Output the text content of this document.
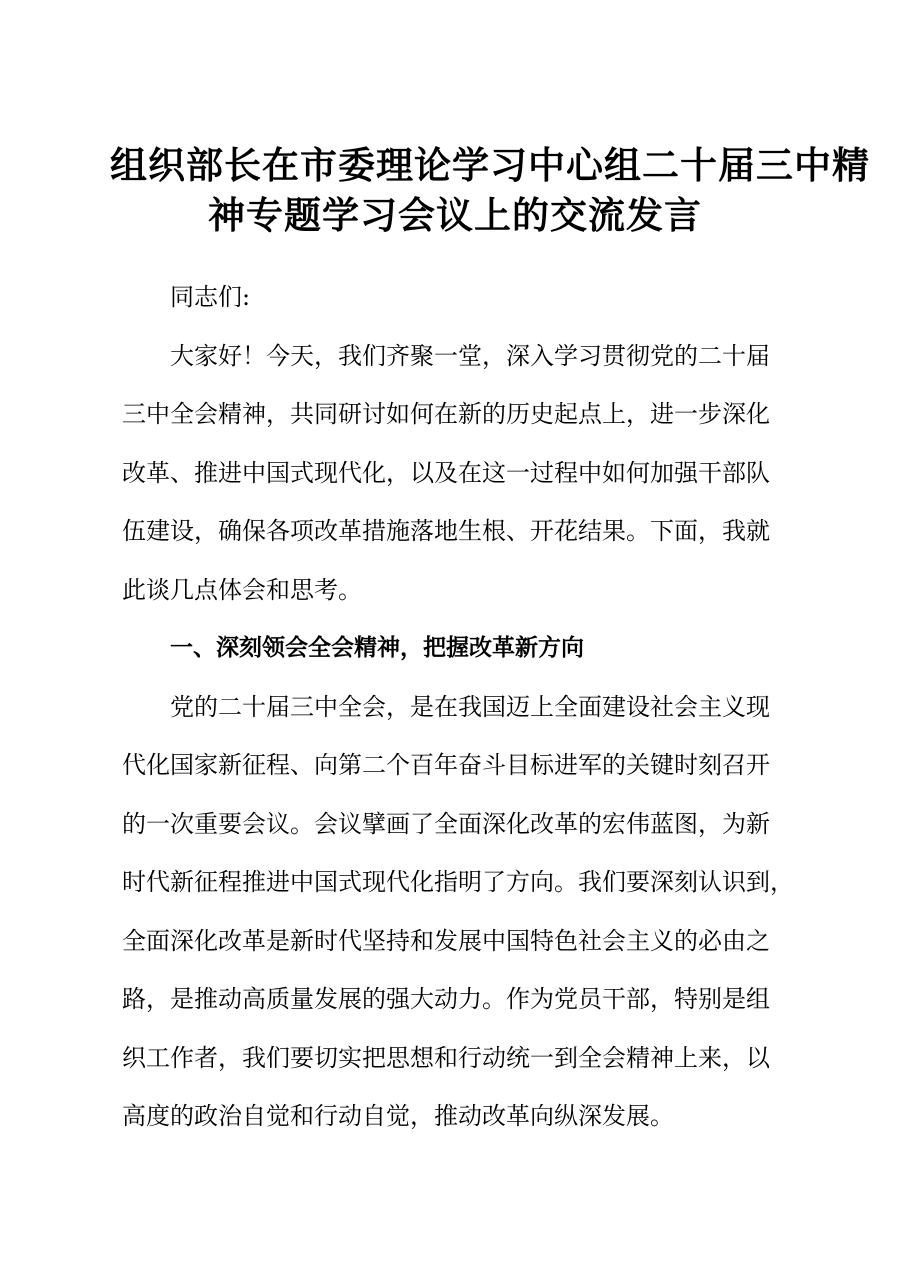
组织部长在市委理论学习中心组二十届三中精
神专题学习会议上的交流发言

同志们:

大家好！今天，我们齐聚一堂，深入学习贯彻党的二十届
三中全会精神，共同研讨如何在新的历史起点上，进一步深化
改革、推进中国式现代化，以及在这一过程中如何加强干部队
伍建设，确保各项改革措施落地生根、开花结果。下面，我就
此谈几点体会和思考。

一、深刻领会全会精神，把握改革新方向

党的二十届三中全会，是在我国迈上全面建设社会主义现
代化国家新征程、向第二个百年奋斗目标进军的关键时刻召开
的一次重要会议。会议擘画了全面深化改革的宏伟蓝图，为新
时代新征程推进中国式现代化指明了方向。我们要深刻认识到，
全面深化改革是新时代坚持和发展中国特色社会主义的必由之
路，是推动高质量发展的强大动力。作为党员干部，特别是组
织工作者，我们要切实把思想和行动统一到全会精神上来，以
高度的政治自觉和行动自觉，推动改革向纵深发展。
